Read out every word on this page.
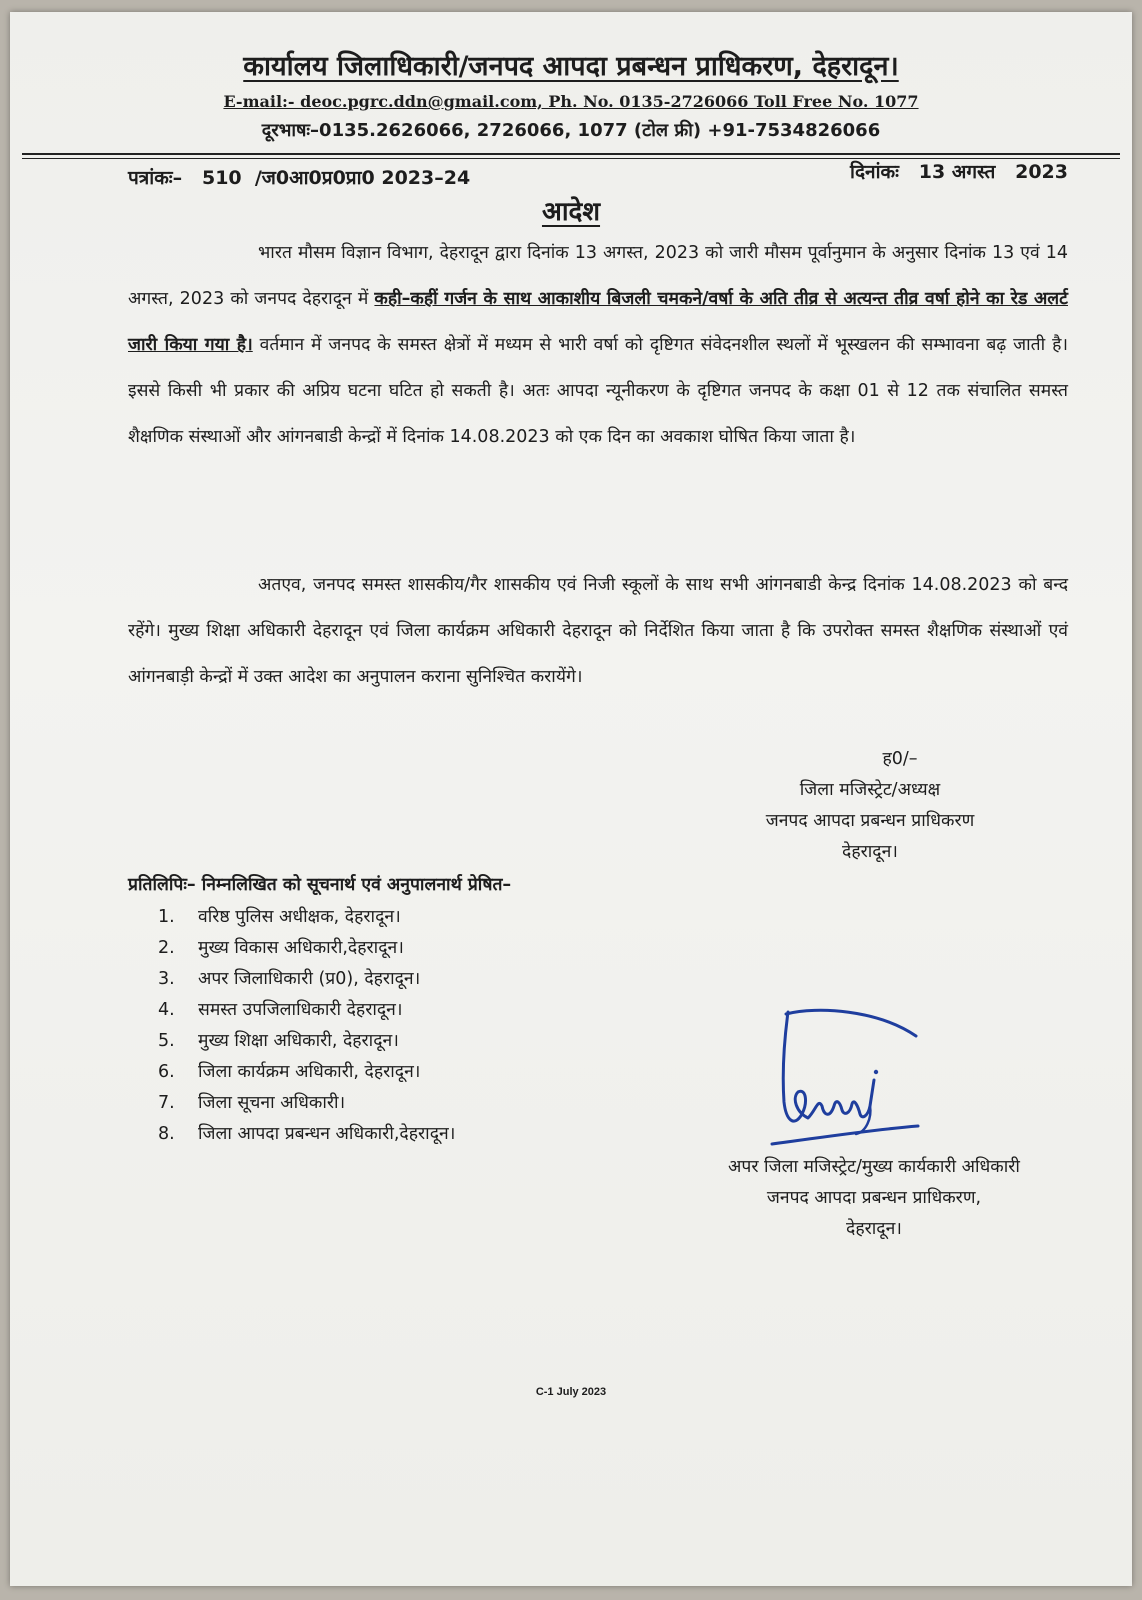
कार्यालय जिलाधिकारी/जनपद आपदा प्रबन्धन प्राधिकरण, देहरादून।
E-mail:- deoc.pgrc.ddn@gmail.com, Ph. No. 0135-2726066 Toll Free No. 1077
दूरभाषः–0135.2626066, 2726066, 1077 (टोल फ्री) +91-7534826066
पत्रांकः–   510  /ज0आ0प्र0प्रा0 2023–24	दिनांकः   13 अगस्त   2023
आदेश
भारत मौसम विज्ञान विभाग, देहरादून द्वारा दिनांक 13 अगस्त, 2023 को जारी मौसम पूर्वानुमान के अनुसार दिनांक 13 एवं 14 अगस्त, 2023 को जनपद देहरादून में कही–कहीं गर्जन के साथ आकाशीय बिजली चमकने/वर्षा के अति तीव्र से अत्यन्त तीव्र वर्षा होने का रेड अलर्ट जारी किया गया है। वर्तमान में जनपद के समस्त क्षेत्रों में मध्यम से भारी वर्षा को दृष्टिगत संवेदनशील स्थलों में भूस्खलन की सम्भावना बढ़ जाती है। इससे किसी भी प्रकार की अप्रिय घटना घटित हो सकती है। अतः आपदा न्यूनीकरण के दृष्टिगत जनपद के कक्षा 01 से 12 तक संचालित समस्त शैक्षणिक संस्थाओं और आंगनबाडी केन्द्रों में दिनांक 14.08.2023 को एक दिन का अवकाश घोषित किया जाता है।
अतएव, जनपद समस्त शासकीय/गैर शासकीय एवं निजी स्कूलों के साथ सभी आंगनबाडी केन्द्र दिनांक 14.08.2023 को बन्द रहेंगे। मुख्य शिक्षा अधिकारी देहरादून एवं जिला कार्यक्रम अधिकारी देहरादून को निर्देशित किया जाता है कि उपरोक्त समस्त शैक्षणिक संस्थाओं एवं आंगनबाड़ी केन्द्रों में उक्त आदेश का अनुपालन कराना सुनिश्चित करायेंगे।
ह0/–
जिला मजिस्ट्रेट/अध्यक्ष
जनपद आपदा प्रबन्धन प्राधिकरण
देहरादून।
प्रतिलिपिः– निम्नलिखित को सूचनार्थ एवं अनुपालनार्थ प्रेषित–
1.	वरिष्ठ पुलिस अधीक्षक, देहरादून।
2.	मुख्य विकास अधिकारी,देहरादून।
3.	अपर जिलाधिकारी (प्र0), देहरादून।
4.	समस्त उपजिलाधिकारी देहरादून।
5.	मुख्य शिक्षा अधिकारी, देहरादून।
6.	जिला कार्यक्रम अधिकारी, देहरादून।
7.	जिला सूचना अधिकारी।
8.	जिला आपदा प्रबन्धन अधिकारी,देहरादून।
अपर जिला मजिस्ट्रेट/मुख्य कार्यकारी अधिकारी
जनपद आपदा प्रबन्धन प्राधिकरण,
देहरादून।
C-1 July 2023
